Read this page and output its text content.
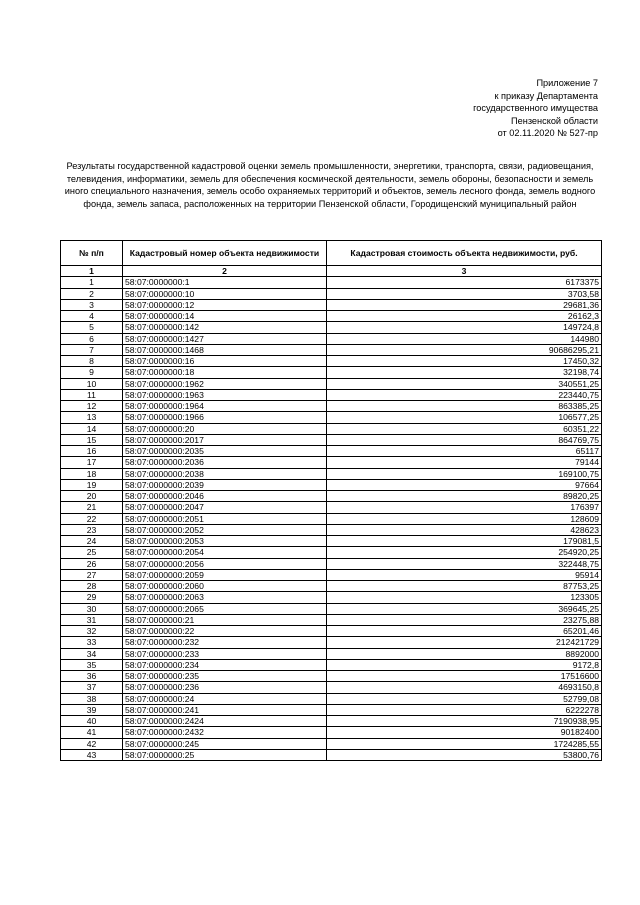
Приложение 7
к приказу Департамента
государственного имущества
Пензенской области
от 02.11.2020 № 527-пр
Результаты государственной кадастровой оценки земель промышленности, энергетики, транспорта, связи, радиовещания, телевидения, информатики, земель для обеспечения космической деятельности, земель обороны, безопасности и земель иного специального назначения, земель особо охраняемых территорий и объектов, земель лесного фонда, земель водного фонда, земель запаса, расположенных на территории Пензенской области, Городищенский муниципальный район
№ п/п	Кадастровый номер объекта недвижимости	Кадастровая стоимость объекта недвижимости, руб.
1	2	3
1	58:07:0000000:1	6173375
2	58:07:0000000:10	3703,58
3	58:07:0000000:12	29681,36
4	58:07:0000000:14	26162,3
5	58:07:0000000:142	149724,8
6	58:07:0000000:1427	144980
7	58:07:0000000:1468	90686295,21
8	58:07:0000000:16	17450,32
9	58:07:0000000:18	32198,74
10	58:07:0000000:1962	340551,25
11	58:07:0000000:1963	223440,75
12	58:07:0000000:1964	863385,25
13	58:07:0000000:1966	106577,25
14	58:07:0000000:20	60351,22
15	58:07:0000000:2017	864769,75
16	58:07:0000000:2035	65117
17	58:07:0000000:2036	79144
18	58:07:0000000:2038	169100,75
19	58:07:0000000:2039	97664
20	58:07:0000000:2046	89820,25
21	58:07:0000000:2047	176397
22	58:07:0000000:2051	128609
23	58:07:0000000:2052	428623
24	58:07:0000000:2053	179081,5
25	58:07:0000000:2054	254920,25
26	58:07:0000000:2056	322448,75
27	58:07:0000000:2059	95914
28	58:07:0000000:2060	87753,25
29	58:07:0000000:2063	123305
30	58:07:0000000:2065	369645,25
31	58:07:0000000:21	23275,88
32	58:07:0000000:22	65201,46
33	58:07:0000000:232	212421729
34	58:07:0000000:233	8892000
35	58:07:0000000:234	9172,8
36	58:07:0000000:235	17516600
37	58:07:0000000:236	4693150,8
38	58:07:0000000:24	52799,08
39	58:07:0000000:241	6222278
40	58:07:0000000:2424	7190938,95
41	58:07:0000000:2432	90182400
42	58:07:0000000:245	1724285,55
43	58:07:0000000:25	53800,76
